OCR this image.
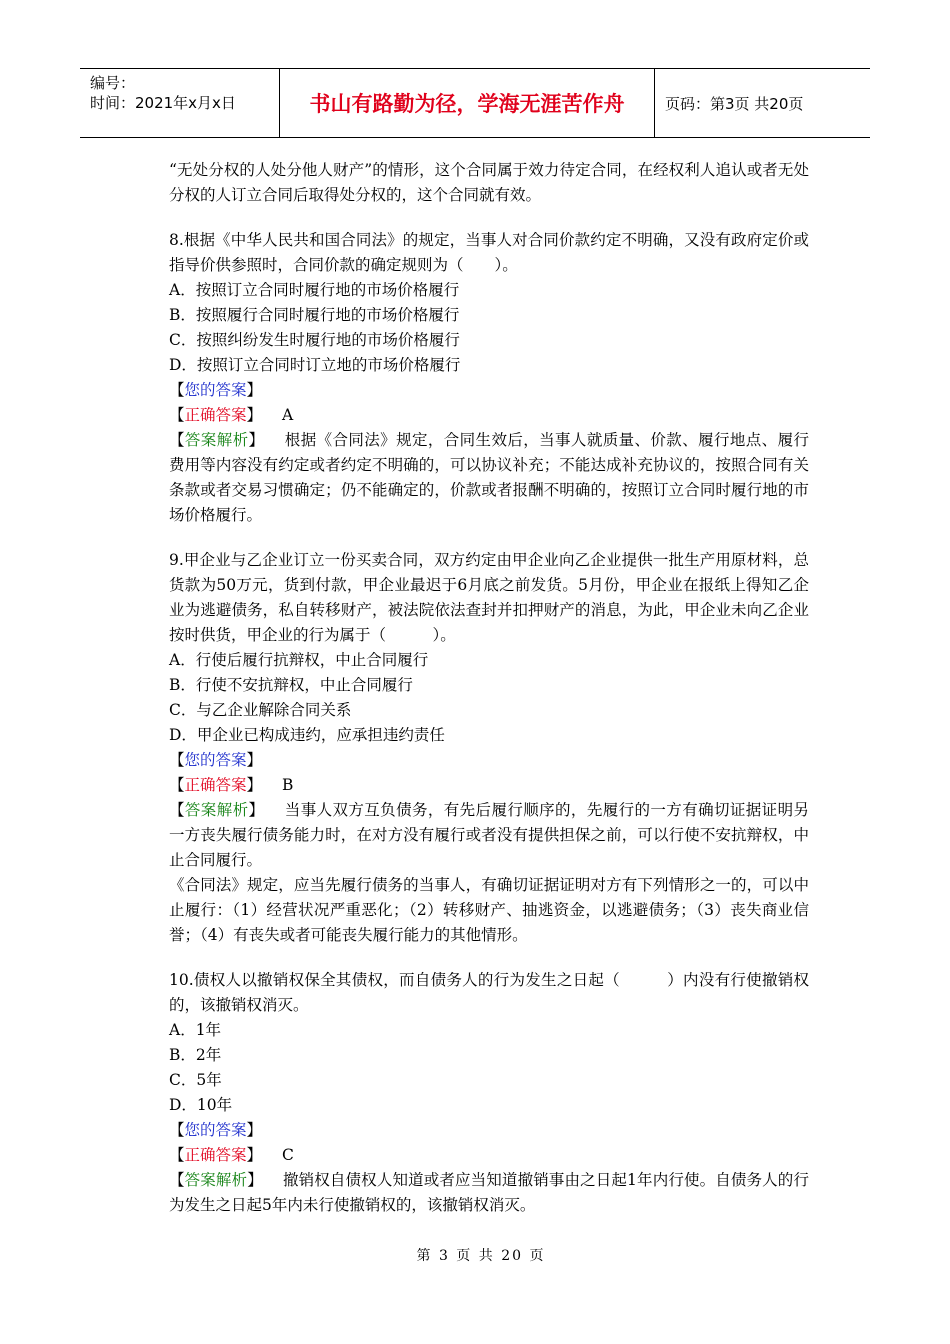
编号：
时间：2021年x月x日	书山有路勤为径，学海无涯苦作舟	页码：第3页 共20页

“无处分权的人处分他人财产”的情形，这个合同属于效力待定合同，在经权利人追认或者无处分权的人订立合同后取得处分权的，这个合同就有效。

8.根据《中华人民共和国合同法》的规定，当事人对合同价款约定不明确，又没有政府定价或指导价供参照时，合同价款的确定规则为（　　）。

A．按照订立合同时履行地的市场价格履行

B．按照履行合同时履行地的市场价格履行

C．按照纠纷发生时履行地的市场价格履行

D．按照订立合同时订立地的市场价格履行

【您的答案】

【正确答案】 A

【答案解析】 根据《合同法》规定，合同生效后，当事人就质量、价款、履行地点、履行费用等内容没有约定或者约定不明确的，可以协议补充；不能达成补充协议的，按照合同有关条款或者交易习惯确定；仍不能确定的，价款或者报酬不明确的，按照订立合同时履行地的市场价格履行。

9.甲企业与乙企业订立一份买卖合同，双方约定由甲企业向乙企业提供一批生产用原材料，总货款为50万元，货到付款，甲企业最迟于6月底之前发货。5月份，甲企业在报纸上得知乙企业为逃避债务，私自转移财产，被法院依法查封并扣押财产的消息，为此，甲企业未向乙企业按时供货，甲企业的行为属于（　　　）。

A．行使后履行抗辩权，中止合同履行

B．行使不安抗辩权，中止合同履行

C．与乙企业解除合同关系

D．甲企业已构成违约，应承担违约责任

【您的答案】

【正确答案】 B

【答案解析】 当事人双方互负债务，有先后履行顺序的，先履行的一方有确切证据证明另一方丧失履行债务能力时，在对方没有履行或者没有提供担保之前，可以行使不安抗辩权，中止合同履行。

《合同法》规定，应当先履行债务的当事人，有确切证据证明对方有下列情形之一的，可以中止履行：（1）经营状况严重恶化；（2）转移财产、抽逃资金，以逃避债务；（3）丧失商业信誉；（4）有丧失或者可能丧失履行能力的其他情形。

10.债权人以撤销权保全其债权，而自债务人的行为发生之日起（　　　）内没有行使撤销权的，该撤销权消灭。

A．1年

B．2年

C．5年

D．10年

【您的答案】

【正确答案】 C

【答案解析】 撤销权自债权人知道或者应当知道撤销事由之日起1年内行使。自债务人的行为发生之日起5年内未行使撤销权的，该撤销权消灭。

第 3 页 共 20 页
